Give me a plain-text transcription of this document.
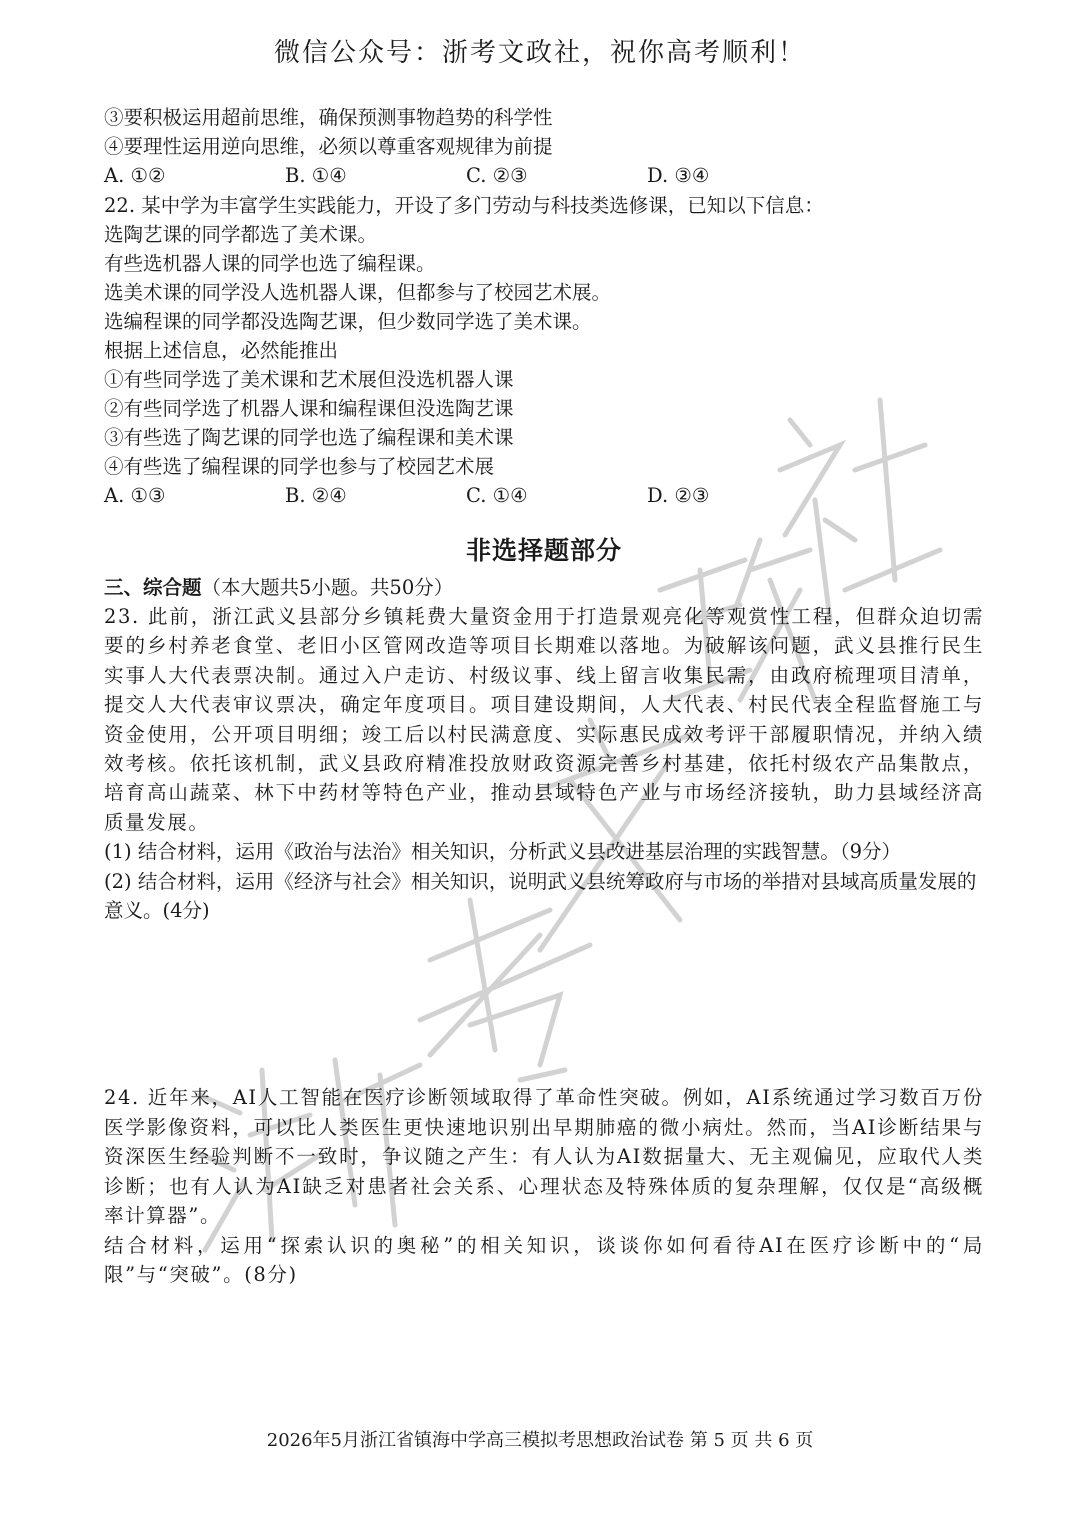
微信公众号：浙考文政社，祝你高考顺利！
③要积极运用超前思维，确保预测事物趋势的科学性
④要理性运用逆向思维，必须以尊重客观规律为前提
A. ①②	B. ①④	C. ②③	D. ③④
22. 某中学为丰富学生实践能力，开设了多门劳动与科技类选修课，已知以下信息：
选陶艺课的同学都选了美术课。
有些选机器人课的同学也选了编程课。
选美术课的同学没人选机器人课，但都参与了校园艺术展。
选编程课的同学都没选陶艺课，但少数同学选了美术课。
根据上述信息，必然能推出
①有些同学选了美术课和艺术展但没选机器人课
②有些同学选了机器人课和编程课但没选陶艺课
③有些选了陶艺课的同学也选了编程课和美术课
④有些选了编程课的同学也参与了校园艺术展
A. ①③	B. ②④	C. ①④	D. ②③
非选择题部分
三、综合题（本大题共5小题。共50分）
23. 此前，浙江武义县部分乡镇耗费大量资金用于打造景观亮化等观赏性工程，但群众迫切需要的乡村养老食堂、老旧小区管网改造等项目长期难以落地。为破解该问题，武义县推行民生实事人大代表票决制。通过入户走访、村级议事、线上留言收集民需，由政府梳理项目清单，提交人大代表审议票决，确定年度项目。项目建设期间，人大代表、村民代表全程监督施工与资金使用，公开项目明细；竣工后以村民满意度、实际惠民成效考评干部履职情况，并纳入绩效考核。依托该机制，武义县政府精准投放财政资源完善乡村基建，依托村级农产品集散点，培育高山蔬菜、林下中药材等特色产业，推动县域特色产业与市场经济接轨，助力县域经济高质量发展。
(1) 结合材料，运用《政治与法治》相关知识，分析武义县改进基层治理的实践智慧。（9分）
(2) 结合材料，运用《经济与社会》相关知识，说明武义县统筹政府与市场的举措对县域高质量发展的意义。(4分)
24. 近年来，AI人工智能在医疗诊断领域取得了革命性突破。例如，AI系统通过学习数百万份医学影像资料，可以比人类医生更快速地识别出早期肺癌的微小病灶。然而，当AI诊断结果与资深医生经验判断不一致时，争议随之产生：有人认为AI数据量大、无主观偏见，应取代人类诊断；也有人认为AI缺乏对患者社会关系、心理状态及特殊体质的复杂理解，仅仅是“高级概率计算器”。
结合材料，运用“探索认识的奥秘”的相关知识，谈谈你如何看待AI在医疗诊断中的“局限”与“突破”。(8分)
2026年5月浙江省镇海中学高三模拟考思想政治试卷 第 5 页 共 6 页
